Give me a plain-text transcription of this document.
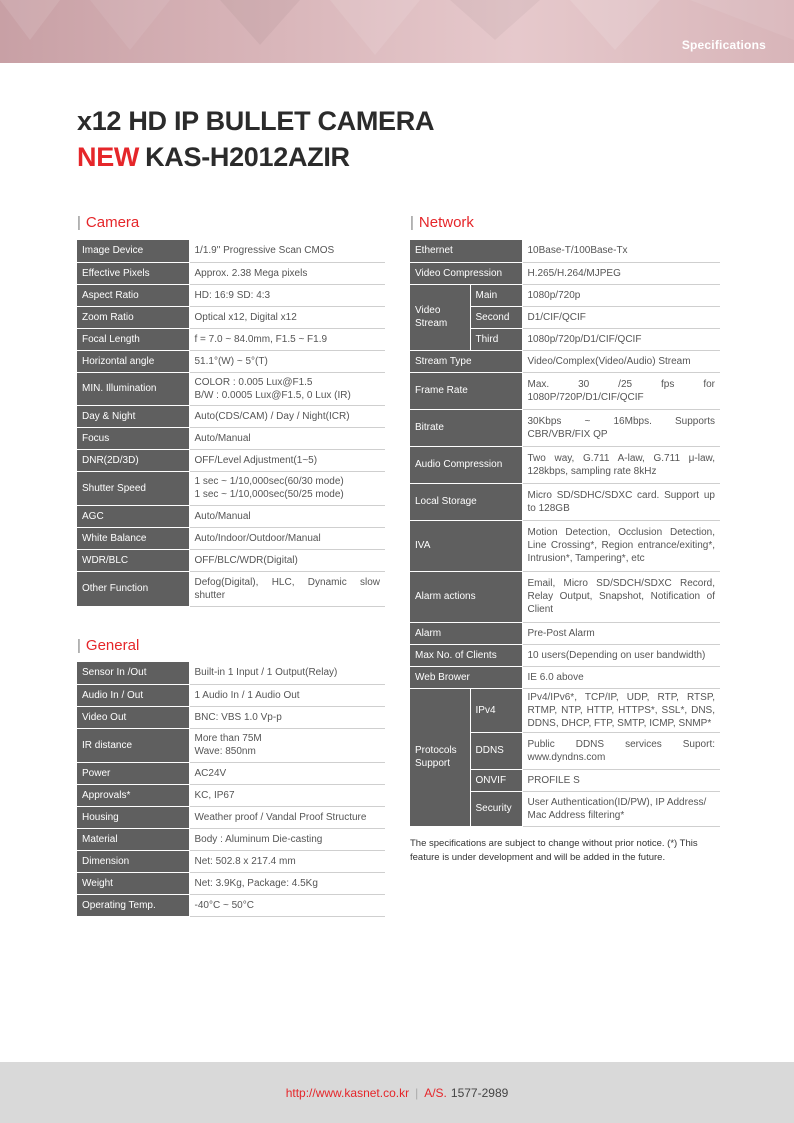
Specifications
x12 HD IP BULLET CAMERA
NEW KAS-H2012AZIR
| Camera
Image Device	1/1.9" Progressive Scan CMOS
Effective Pixels	Approx. 2.38 Mega pixels
Aspect Ratio	HD: 16:9 SD: 4:3
Zoom Ratio	Optical x12, Digital x12
Focal Length	f = 7.0 ~ 84.0mm, F1.5 ~ F1.9
Horizontal angle	51.1°(W) ~ 5°(T)
MIN. Illumination	COLOR : 0.005 Lux@F1.5
B/W : 0.0005 Lux@F1.5, 0 Lux (IR)
Day & Night	Auto(CDS/CAM) / Day / Night(ICR)
Focus	Auto/Manual
DNR(2D/3D)	OFF/Level Adjustment(1~5)
Shutter Speed	1 sec ~ 1/10,000sec(60/30 mode)
1 sec ~ 1/10,000sec(50/25 mode)
AGC	Auto/Manual
White Balance	Auto/Indoor/Outdoor/Manual
WDR/BLC	OFF/BLC/WDR(Digital)
Other Function	Defog(Digital), HLC, Dynamic slow shutter
| General
Sensor In /Out	Built-in 1 Input / 1 Output(Relay)
Audio In / Out	1 Audio In / 1 Audio Out
Video Out	BNC: VBS 1.0 Vp-p
IR distance	More than 75M
Wave: 850nm
Power	AC24V
Approvals*	KC, IP67
Housing	Weather proof / Vandal Proof Structure
Material	Body : Aluminum Die-casting
Dimension	Net: 502.8 x 217.4 mm
Weight	Net: 3.9Kg, Package: 4.5Kg
Operating Temp.	-40°C ~ 50°C
| Network
Ethernet		10Base-T/100Base-Tx
Video Compression		H.265/H.264/MJPEG
Video
Stream	Main	1080p/720p
	Second	D1/CIF/QCIF
	Third	1080p/720p/D1/CIF/QCIF
Stream Type		Video/Complex(Video/Audio) Stream
Frame Rate		Max. 30 /25 fps for 1080P/720P/D1/CIF/QCIF
Bitrate		30Kbps ~ 16Mbps. Supports CBR/VBR/FIX QP
Audio Compression		Two way, G.711 A-law, G.711 μ-law, 128kbps, sampling rate 8kHz
Local Storage		Micro SD/SDHC/SDXC card. Support up to 128GB
IVA		Motion Detection, Occlusion Detection, Line Crossing*, Region entrance/exiting*, Intrusion*, Tampering*, etc
Alarm actions		Email, Micro SD/SDCH/SDXC Record, Relay Output, Snapshot, Notification of Client
Alarm		Pre-Post Alarm
Max No. of Clients		10 users(Depending on user bandwidth)
Web Brower		IE 6.0 above
Protocols
Support	IPv4	IPv4/IPv6*, TCP/IP, UDP, RTP, RTSP, RTMP, NTP, HTTP, HTTPS*, SSL*, DNS, DDNS, DHCP, FTP, SMTP, ICMP, SNMP*
	DDNS	Public DDNS services Suport: www.dyndns.com
	ONVIF	PROFILE S
	Security	User Authentication(ID/PW), IP Address/ Mac Address filtering*
The specifications are subject to change without prior notice. (*) This feature is under development and will be added in the future.
http://www.kasnet.co.kr | A/S. 1577-2989
